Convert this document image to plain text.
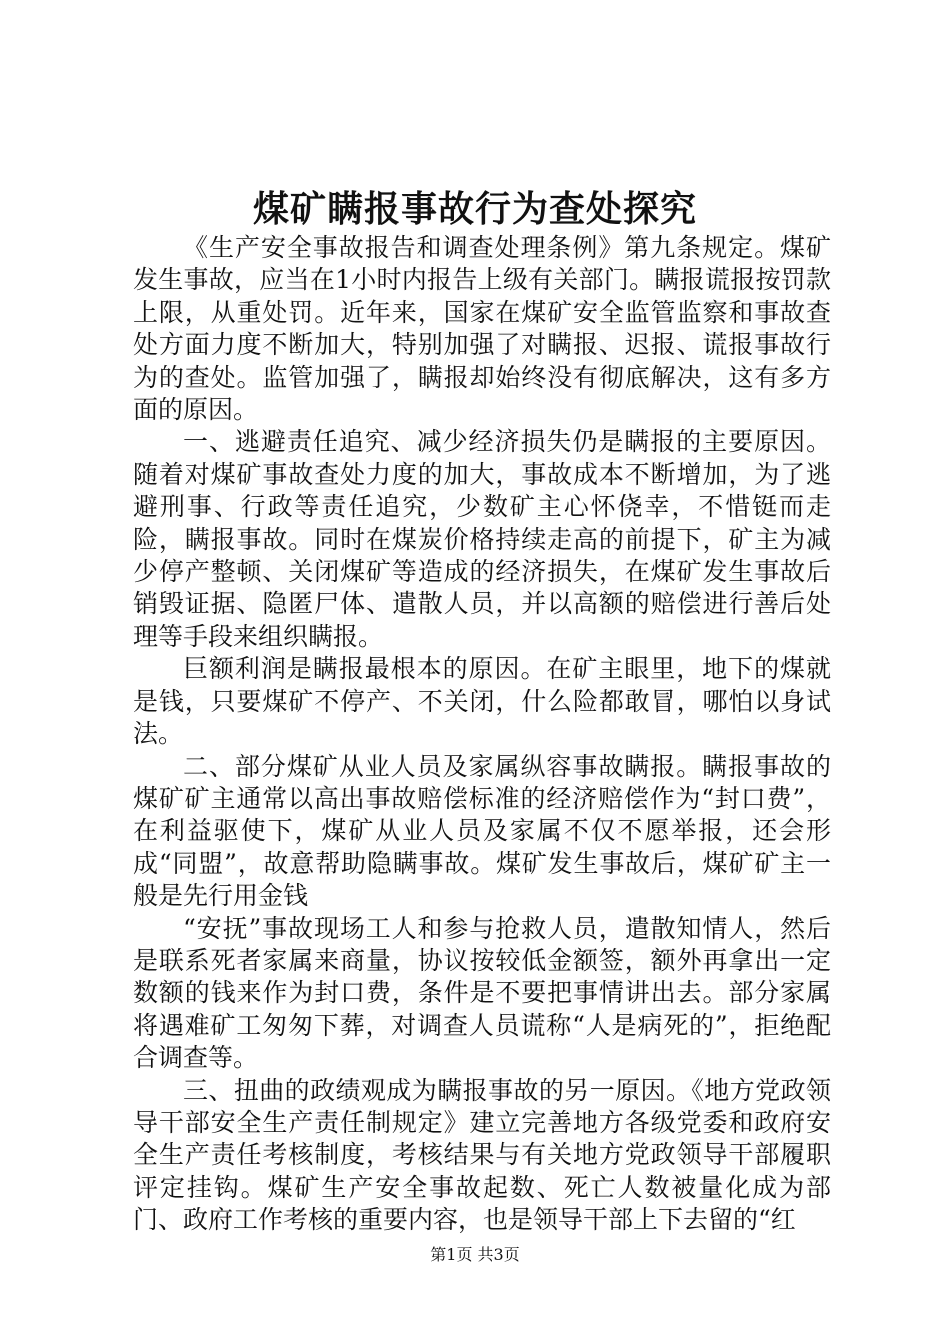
煤矿瞒报事故行为查处探究

《生产安全事故报告和调查处理条例》第九条规定。煤矿发生事故，应当在1小时内报告上级有关部门。瞒报谎报按罚款上限，从重处罚。近年来，国家在煤矿安全监管监察和事故查处方面力度不断加大，特别加强了对瞒报、迟报、谎报事故行为的查处。监管加强了，瞒报却始终没有彻底解决，这有多方面的原因。

一、逃避责任追究、减少经济损失仍是瞒报的主要原因。随着对煤矿事故查处力度的加大，事故成本不断增加，为了逃避刑事、行政等责任追究，少数矿主心怀侥幸，不惜铤而走险，瞒报事故。同时在煤炭价格持续走高的前提下，矿主为减少停产整顿、关闭煤矿等造成的经济损失，在煤矿发生事故后销毁证据、隐匿尸体、遣散人员，并以高额的赔偿进行善后处理等手段来组织瞒报。

巨额利润是瞒报最根本的原因。在矿主眼里，地下的煤就是钱，只要煤矿不停产、不关闭，什么险都敢冒，哪怕以身试法。

二、部分煤矿从业人员及家属纵容事故瞒报。瞒报事故的煤矿矿主通常以高出事故赔偿标准的经济赔偿作为“封口费”，在利益驱使下，煤矿从业人员及家属不仅不愿举报，还会形成“同盟”，故意帮助隐瞒事故。煤矿发生事故后，煤矿矿主一般是先行用金钱

“安抚”事故现场工人和参与抢救人员，遣散知情人，然后是联系死者家属来商量，协议按较低金额签，额外再拿出一定数额的钱来作为封口费，条件是不要把事情讲出去。部分家属将遇难矿工匆匆下葬，对调查人员谎称“人是病死的”，拒绝配合调查等。

三、扭曲的政绩观成为瞒报事故的另一原因。《地方党政领导干部安全生产责任制规定》建立完善地方各级党委和政府安全生产责任考核制度，考核结果与有关地方党政领导干部履职评定挂钩。煤矿生产安全事故起数、死亡人数被量化成为部门、政府工作考核的重要内容，也是领导干部上下去留的“红

第1页 共3页
